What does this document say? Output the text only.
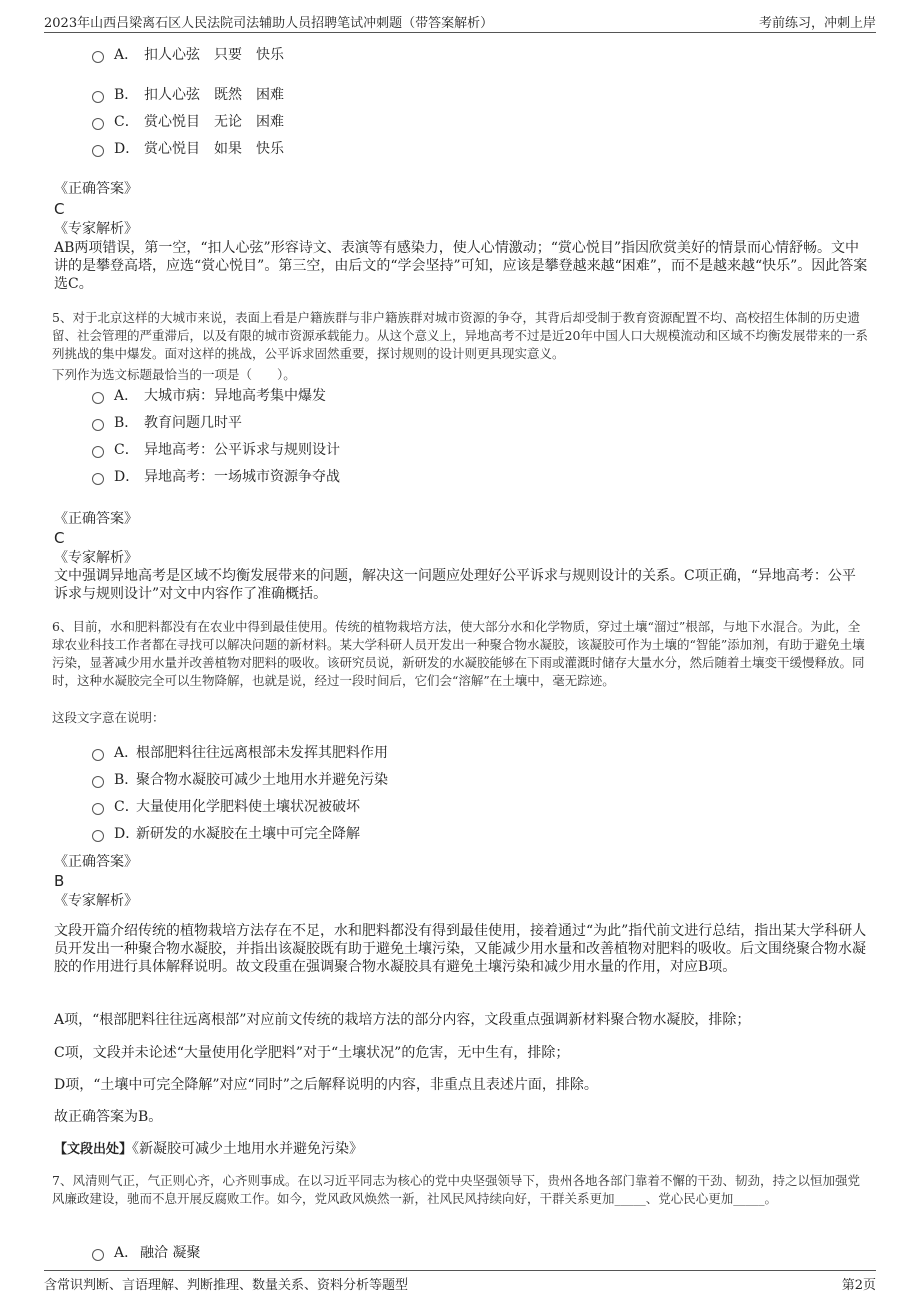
2023年山西吕梁离石区人民法院司法辅助人员招聘笔试冲刺题（带答案解析）	考前练习，冲刺上岸
A． 扣人心弦　只要　快乐
B． 扣人心弦　既然　困难
C． 赏心悦目　无论　困难
D． 赏心悦目　如果　快乐
《正确答案》
C
《专家解析》
AB两项错误，第一空，“扣人心弦”形容诗文、表演等有感染力，使人心情激动；“赏心悦目”指因欣赏美好的情景而心情舒畅。文中讲的是攀登高塔，应选“赏心悦目”。第三空，由后文的“学会坚持”可知，应该是攀登越来越“困难”，而不是越来越“快乐”。因此答案选C。
5、对于北京这样的大城市来说，表面上看是户籍族群与非户籍族群对城市资源的争夺，其背后却受制于教育资源配置不均、高校招生体制的历史遗留、社会管理的严重滞后，以及有限的城市资源承载能力。从这个意义上，异地高考不过是近20年中国人口大规模流动和区域不均衡发展带来的一系列挑战的集中爆发。面对这样的挑战，公平诉求固然重要，探讨规则的设计则更具现实意义。
下列作为选文标题最恰当的一项是（　　）。
A． 大城市病：异地高考集中爆发
B． 教育问题几时平
C． 异地高考：公平诉求与规则设计
D． 异地高考：一场城市资源争夺战
《正确答案》
C
《专家解析》
文中强调异地高考是区域不均衡发展带来的问题，解决这一问题应处理好公平诉求与规则设计的关系。C项正确，“异地高考：公平诉求与规则设计”对文中内容作了准确概括。
6、目前，水和肥料都没有在农业中得到最佳使用。传统的植物栽培方法，使大部分水和化学物质，穿过土壤“溜过”根部，与地下水混合。为此，全球农业科技工作者都在寻找可以解决问题的新材料。某大学科研人员开发出一种聚合物水凝胶，该凝胶可作为土壤的“智能”添加剂，有助于避免土壤污染，显著减少用水量并改善植物对肥料的吸收。该研究员说，新研发的水凝胶能够在下雨或灌溉时储存大量水分，然后随着土壤变干缓慢释放。同时，这种水凝胶完全可以生物降解，也就是说，经过一段时间后，它们会“溶解”在土壤中，毫无踪迹。
这段文字意在说明：
A．根部肥料往往远离根部未发挥其肥料作用
B．聚合物水凝胶可减少土地用水并避免污染
C．大量使用化学肥料使土壤状况被破坏
D．新研发的水凝胶在土壤中可完全降解
《正确答案》
B
《专家解析》
文段开篇介绍传统的植物栽培方法存在不足，水和肥料都没有得到最佳使用，接着通过“为此”指代前文进行总结，指出某大学科研人员开发出一种聚合物水凝胶，并指出该凝胶既有助于避免土壤污染，又能减少用水量和改善植物对肥料的吸收。后文围绕聚合物水凝胶的作用进行具体解释说明。故文段重在强调聚合物水凝胶具有避免土壤污染和减少用水量的作用，对应B项。
A项，“根部肥料往往远离根部”对应前文传统的栽培方法的部分内容，文段重点强调新材料聚合物水凝胶，排除；
C项，文段并未论述“大量使用化学肥料”对于“土壤状况”的危害，无中生有，排除；
D项，“土壤中可完全降解”对应“同时”之后解释说明的内容，非重点且表述片面，排除。
故正确答案为B。
【文段出处】《新凝胶可减少土地用水并避免污染》
7、风清则气正，气正则心齐，心齐则事成。在以习近平同志为核心的党中央坚强领导下，贵州各地各部门靠着不懈的干劲、韧劲，持之以恒加强党风廉政建设，驰而不息开展反腐败工作。如今，党风政风焕然一新，社风民风持续向好，干群关系更加_____、党心民心更加_____。
A． 融洽 凝聚
含常识判断、言语理解、判断推理、数量关系、资料分析等题型	第2页
